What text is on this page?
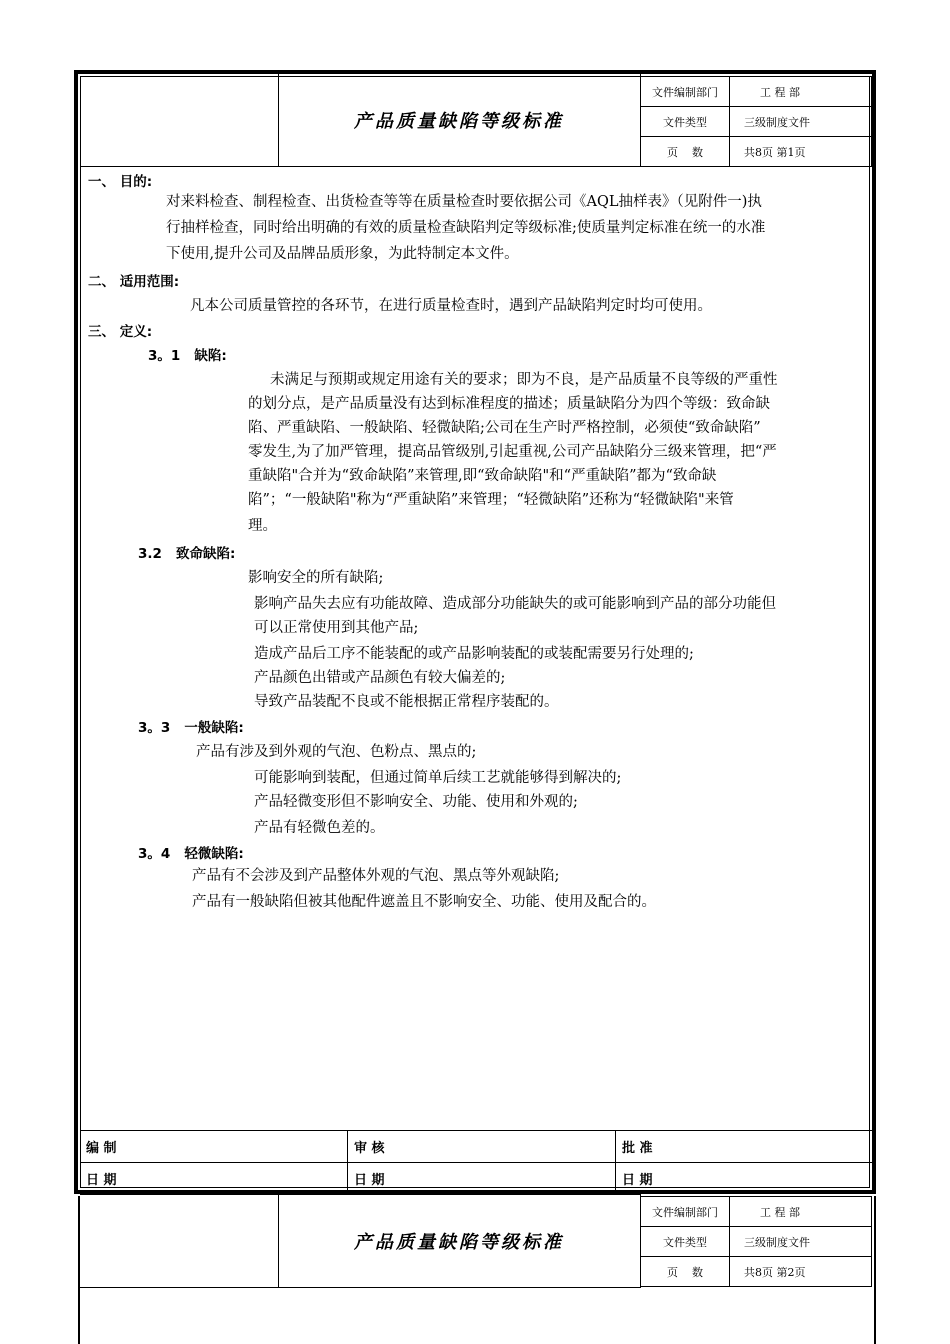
产品质量缺陷等级标准
文件编制部门	工 程 部
文件类型	三级制度文件
页    数	共8页 第1页
一、 目的:
对来料检查、制程检查、出货检查等等在质量检查时要依据公司《AQL抽样表》（见附件一)执
行抽样检查，同时给出明确的有效的质量检查缺陷判定等级标准;使质量判定标准在统一的水准
下使用,提升公司及品牌品质形象，为此特制定本文件。
二、 适用范围:
凡本公司质量管控的各环节，在进行质量检查时，遇到产品缺陷判定时均可使用。
三、 定义:
3。1   缺陷:
未满足与预期或规定用途有关的要求；即为不良，是产品质量不良等级的严重性
的划分点，是产品质量没有达到标准程度的描述；质量缺陷分为四个等级：致命缺
陷、严重缺陷、一般缺陷、轻微缺陷;公司在生产时严格控制，必须使“致命缺陷”
零发生,为了加严管理，提高品管级别,引起重视,公司产品缺陷分三级来管理，把“严
重缺陷"合并为“致命缺陷”来管理,即“致命缺陷"和“严重缺陷”都为“致命缺
陷”；“一般缺陷"称为“严重缺陷”来管理；“轻微缺陷”还称为“轻微缺陷"来管
理。
3.2   致命缺陷:
影响安全的所有缺陷;
影响产品失去应有功能故障、造成部分功能缺失的或可能影响到产品的部分功能但
可以正常使用到其他产品;
造成产品后工序不能装配的或产品影响装配的或装配需要另行处理的;
产品颜色出错或产品颜色有较大偏差的;
导致产品装配不良或不能根据正常程序装配的。
3。3   一般缺陷:
产品有涉及到外观的气泡、色粉点、黑点的;
可能影响到装配，但通过简单后续工艺就能够得到解决的;
产品轻微变形但不影响安全、功能、使用和外观的;
产品有轻微色差的。
3。4   轻微缺陷:
产品有不会涉及到产品整体外观的气泡、黑点等外观缺陷;
产品有一般缺陷但被其他配件遮盖且不影响安全、功能、使用及配合的。
编 制	审 核	批 准
日 期	日 期	日 期
产品质量缺陷等级标准
文件编制部门	工 程 部
文件类型	三级制度文件
页    数	共8页 第2页
